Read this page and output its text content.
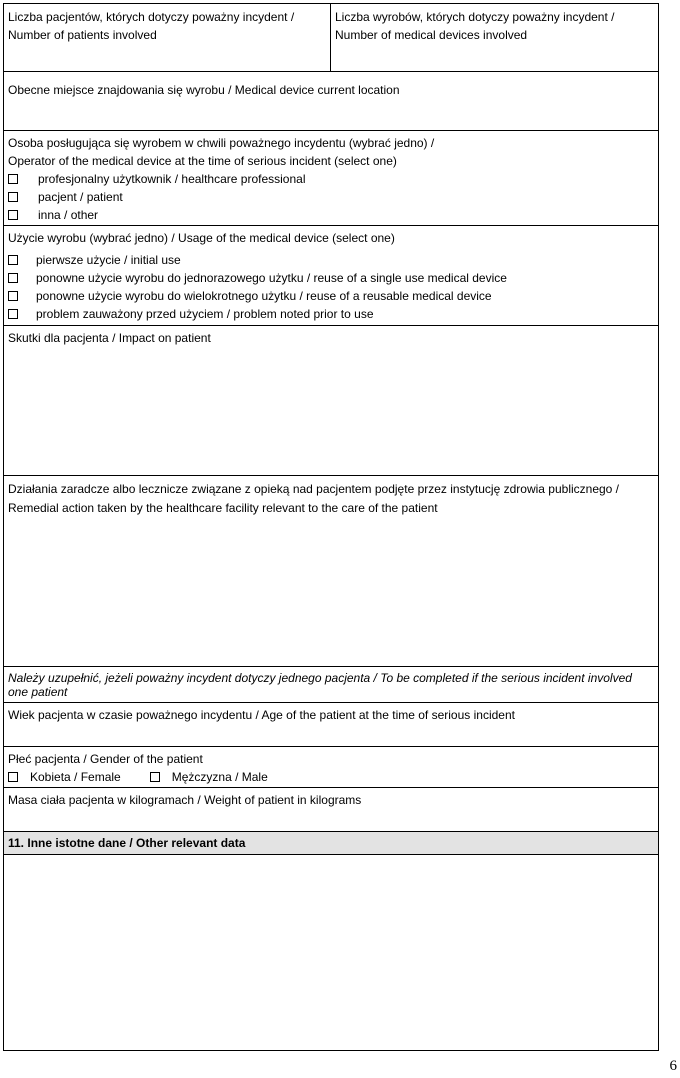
Liczba pacjentów, których dotyczy poważny incydent /
Number of patients involved
Liczba wyrobów, których dotyczy poważny incydent /
Number of medical devices involved
Obecne miejsce znajdowania się wyrobu / Medical device current location
Osoba posługująca się wyrobem w chwili poważnego incydentu (wybrać jedno) /
Operator of the medical device at the time of serious incident (select one)
profesjonalny użytkownik / healthcare professional
pacjent / patient
inna / other
Użycie wyrobu (wybrać jedno) / Usage of the medical device (select one)
pierwsze użycie / initial use
ponowne użycie wyrobu do jednorazowego użytku / reuse of a single use medical device
ponowne użycie wyrobu do wielokrotnego użytku / reuse of a reusable medical device
problem zauważony przed użyciem / problem noted prior to use
Skutki dla pacjenta / Impact on patient
Działania zaradcze albo lecznicze związane z opieką nad pacjentem podjęte przez instytucję zdrowia publicznego /
Remedial action taken by the healthcare facility relevant to the care of the patient
Należy uzupełnić, jeżeli poważny incydent dotyczy jednego pacjenta / To be completed if the serious incident involved one patient
Wiek pacjenta w czasie poważnego incydentu / Age of the patient at the time of serious incident
Płeć pacjenta / Gender of the patient
Kobieta / Female	Mężczyzna / Male
Masa ciała pacjenta w kilogramach / Weight of patient in kilograms
11. Inne istotne dane / Other relevant data
6
